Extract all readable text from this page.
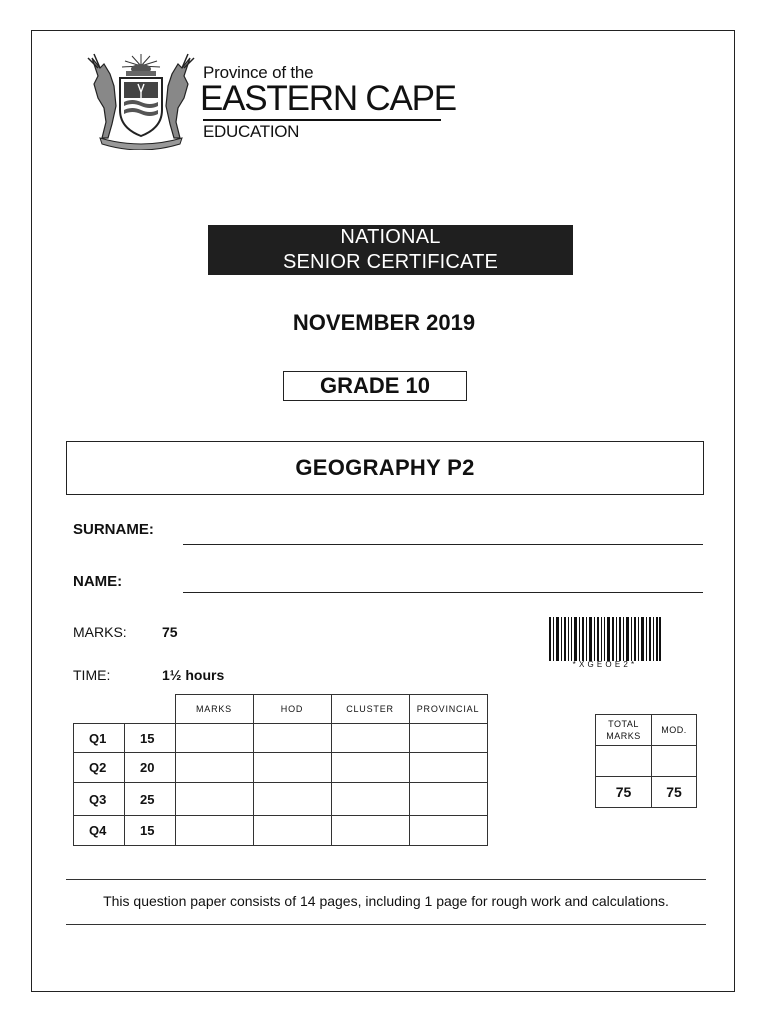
Province of the
EASTERN CAPE
EDUCATION
NATIONAL
SENIOR CERTIFICATE
NOVEMBER 2019
GRADE 10
GEOGRAPHY P2
SURNAME:
NAME:
MARKS:	75
TIME:	1½ hours
*XGEOE2*
		MARKS	HOD	CLUSTER	PROVINCIAL
Q1	15				
Q2	20				
Q3	25				
Q4	15				
TOTAL
MARKS	MOD.

75	75
This question paper consists of 14 pages, including 1 page for rough work and calculations.
